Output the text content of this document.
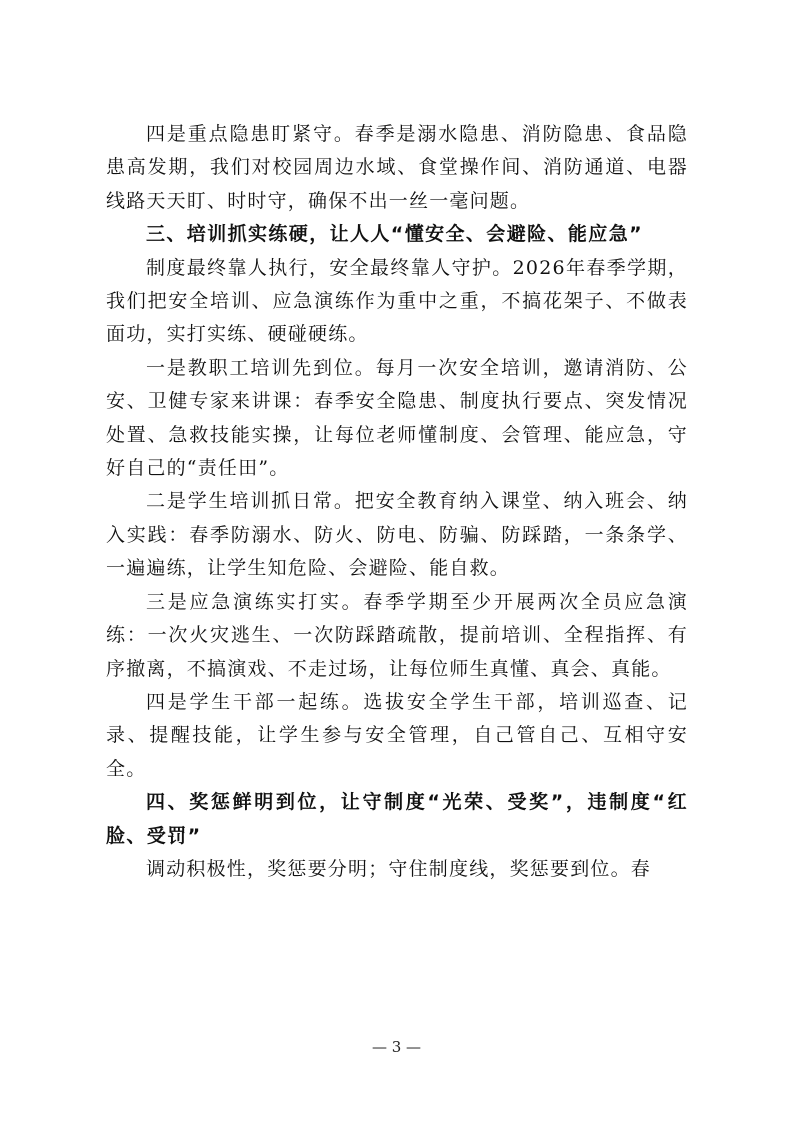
四是重点隐患盯紧守。春季是溺水隐患、消防隐患、食品隐患高发期，我们对校园周边水域、食堂操作间、消防通道、电器线路天天盯、时时守，确保不出一丝一毫问题。

三、培训抓实练硬，让人人“懂安全、会避险、能应急”

制度最终靠人执行，安全最终靠人守护。2026年春季学期，我们把安全培训、应急演练作为重中之重，不搞花架子、不做表面功，实打实练、硬碰硬练。

一是教职工培训先到位。每月一次安全培训，邀请消防、公安、卫健专家来讲课：春季安全隐患、制度执行要点、突发情况处置、急救技能实操，让每位老师懂制度、会管理、能应急，守好自己的“责任田”。

二是学生培训抓日常。把安全教育纳入课堂、纳入班会、纳入实践：春季防溺水、防火、防电、防骗、防踩踏，一条条学、一遍遍练，让学生知危险、会避险、能自救。

三是应急演练实打实。春季学期至少开展两次全员应急演练：一次火灾逃生、一次防踩踏疏散，提前培训、全程指挥、有序撤离，不搞演戏、不走过场，让每位师生真懂、真会、真能。

四是学生干部一起练。选拔安全学生干部，培训巡查、记录、提醒技能，让学生参与安全管理，自己管自己、互相守安全。

四、奖惩鲜明到位，让守制度“光荣、受奖”，违制度“红脸、受罚”

调动积极性，奖惩要分明；守住制度线，奖惩要到位。春

— 3 —
